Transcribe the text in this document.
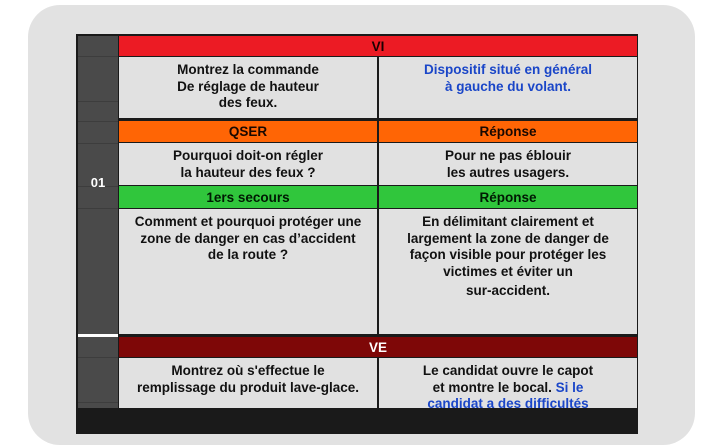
01
VI
Montrez la commande
De réglage de hauteur
des feux.
Dispositif situé en général
à gauche du volant.
QSER	Réponse
Pourquoi doit-on régler
la hauteur des feux ?
Pour ne pas éblouir
les autres usagers.
1ers secours	Réponse
Comment et pourquoi protéger une
zone de danger en cas d’accident
de la route ?
En délimitant clairement et
largement la zone de danger de
façon visible pour protéger les
victimes et éviter un
sur-accident.
VE
Montrez où s'effectue le
remplissage du produit lave-glace.
Le candidat ouvre le capot
et montre le bocal. Si le
candidat a des difficultés
